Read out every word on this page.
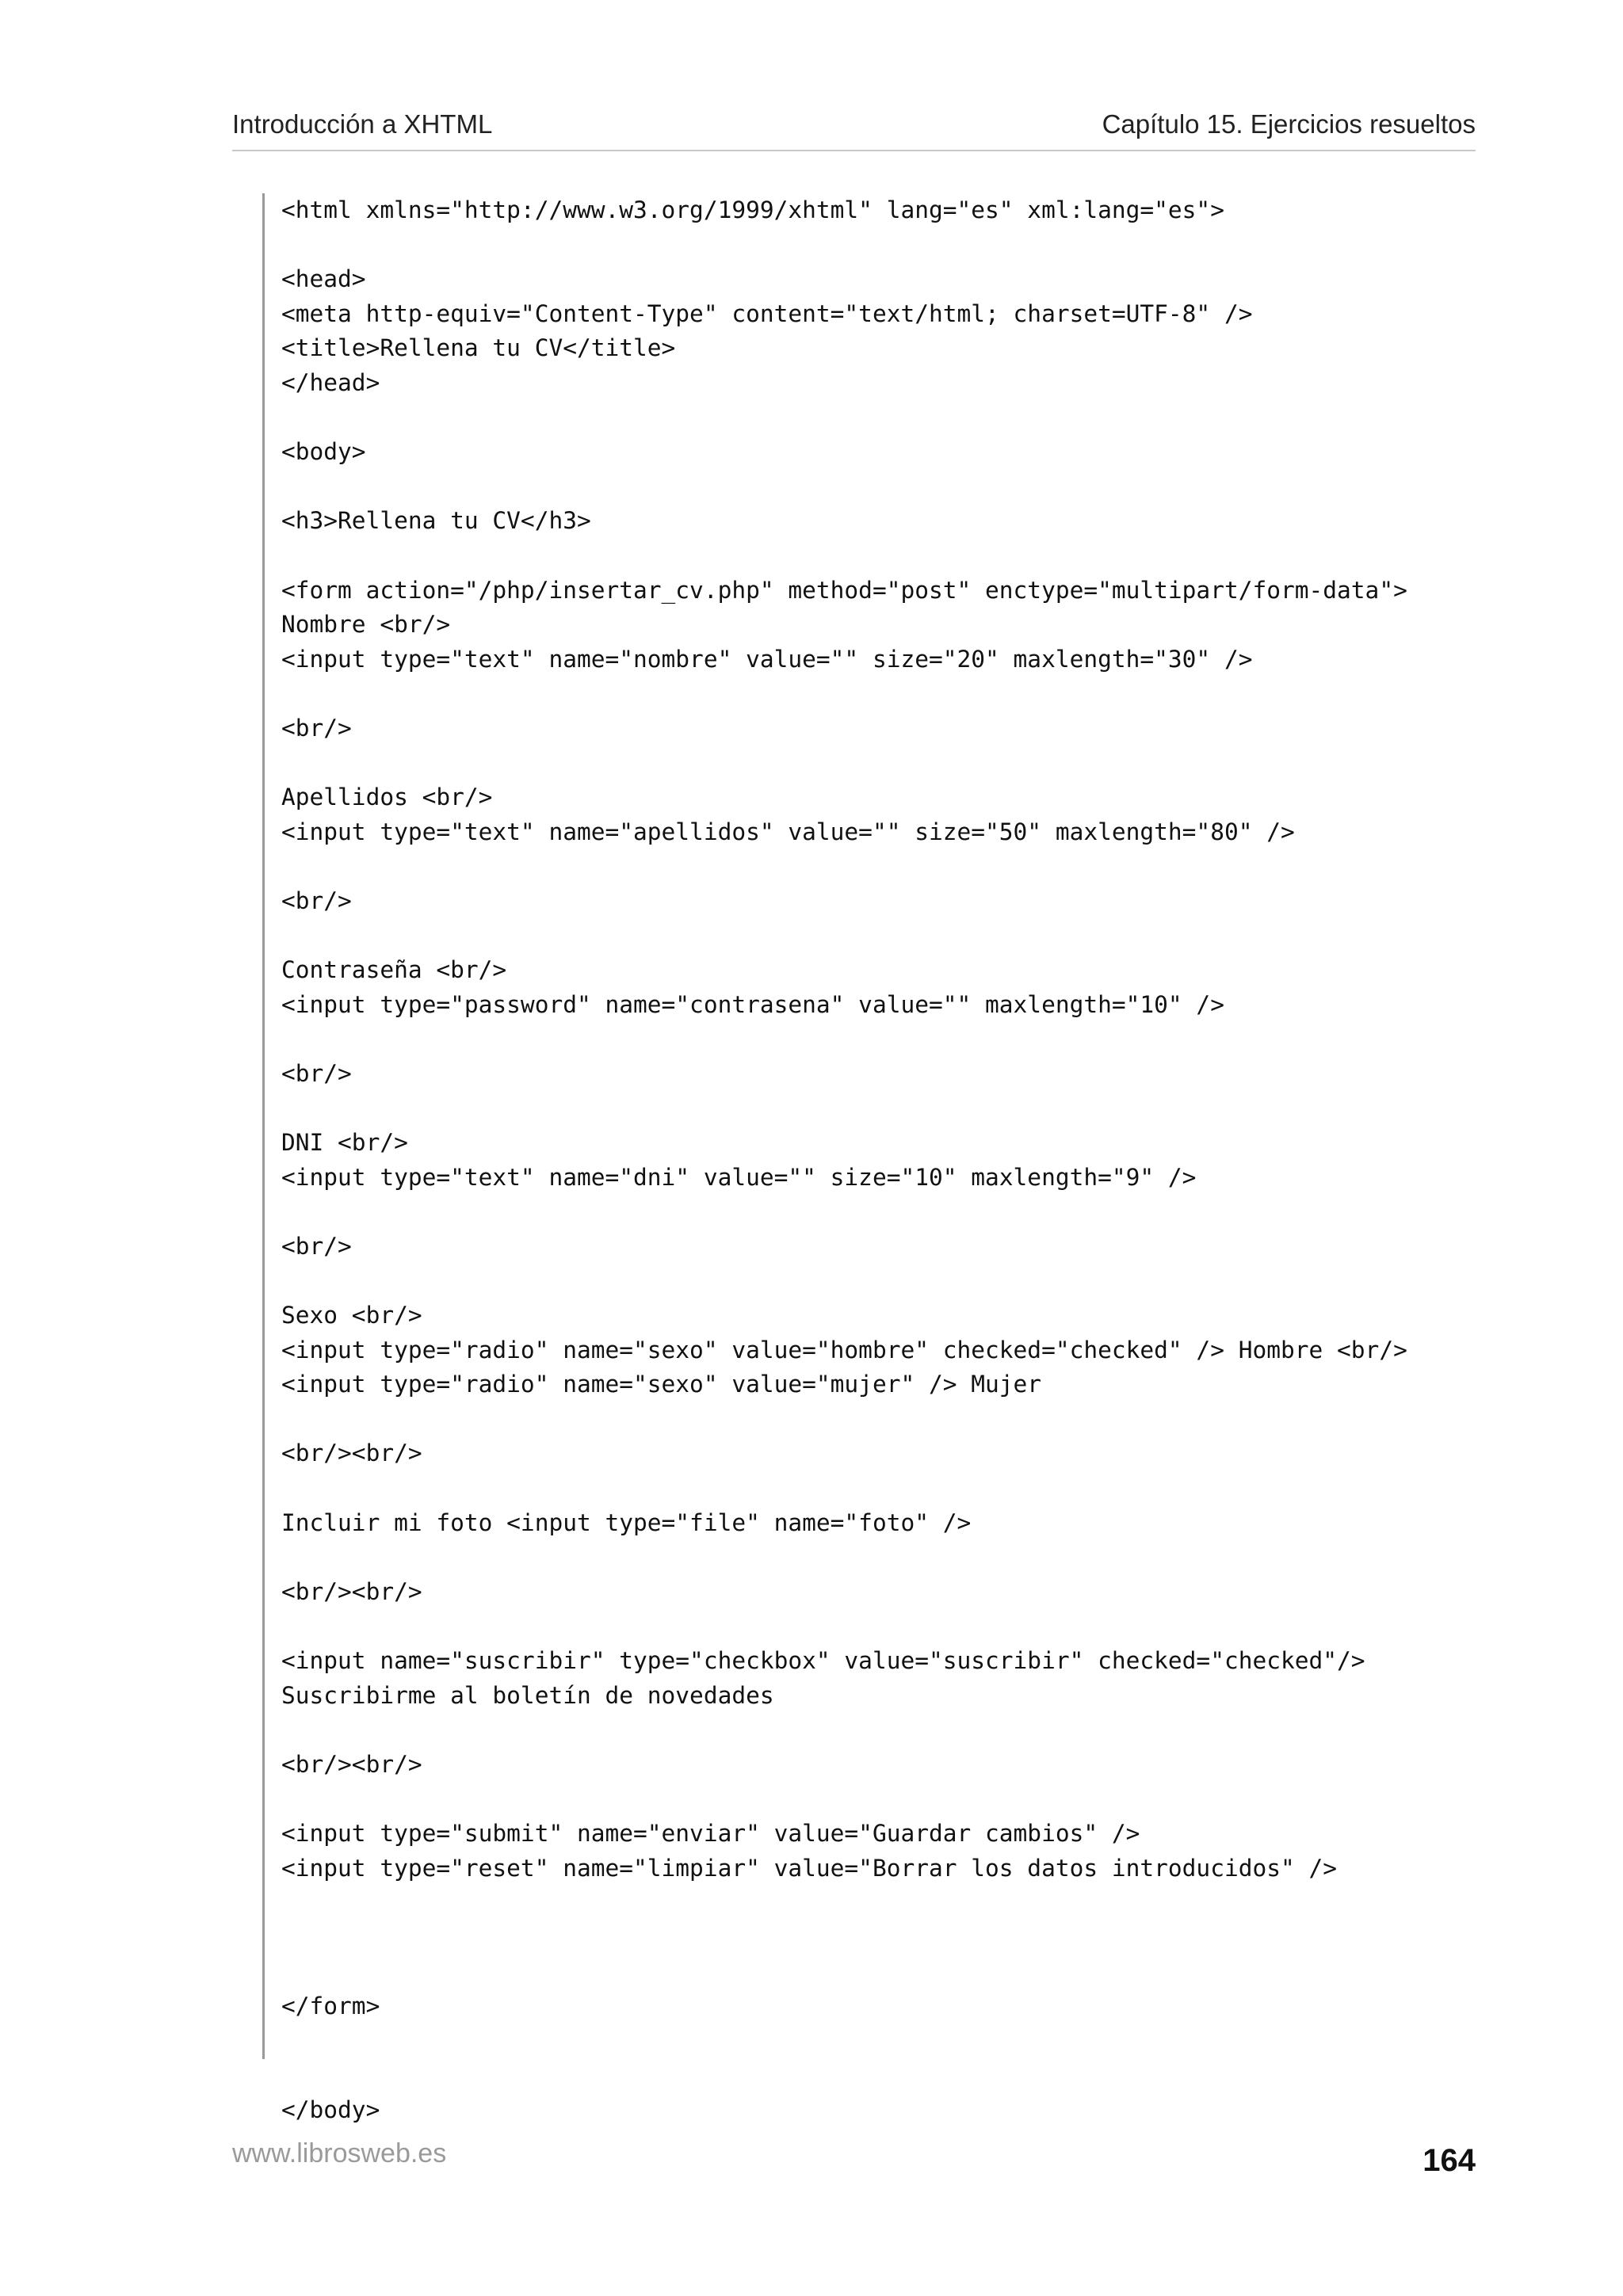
Introducción a XHTML	Capítulo 15. Ejercicios resueltos
<html xmlns="http://www.w3.org/1999/xhtml" lang="es" xml:lang="es">

<head>
<meta http-equiv="Content-Type" content="text/html; charset=UTF-8" />
<title>Rellena tu CV</title>
</head>

<body>

<h3>Rellena tu CV</h3>

<form action="/php/insertar_cv.php" method="post" enctype="multipart/form-data">
Nombre <br/>
<input type="text" name="nombre" value="" size="20" maxlength="30" />

<br/>

Apellidos <br/>
<input type="text" name="apellidos" value="" size="50" maxlength="80" />

<br/>

Contraseña <br/>
<input type="password" name="contrasena" value="" maxlength="10" />

<br/>

DNI <br/>
<input type="text" name="dni" value="" size="10" maxlength="9" />

<br/>

Sexo <br/>
<input type="radio" name="sexo" value="hombre" checked="checked" /> Hombre <br/>
<input type="radio" name="sexo" value="mujer" /> Mujer

<br/><br/>

Incluir mi foto <input type="file" name="foto" />

<br/><br/>

<input name="suscribir" type="checkbox" value="suscribir" checked="checked"/>
Suscribirme al boletín de novedades

<br/><br/>

<input type="submit" name="enviar" value="Guardar cambios" />
<input type="reset" name="limpiar" value="Borrar los datos introducidos" />

</form>

</body>

www.librosweb.es	164
